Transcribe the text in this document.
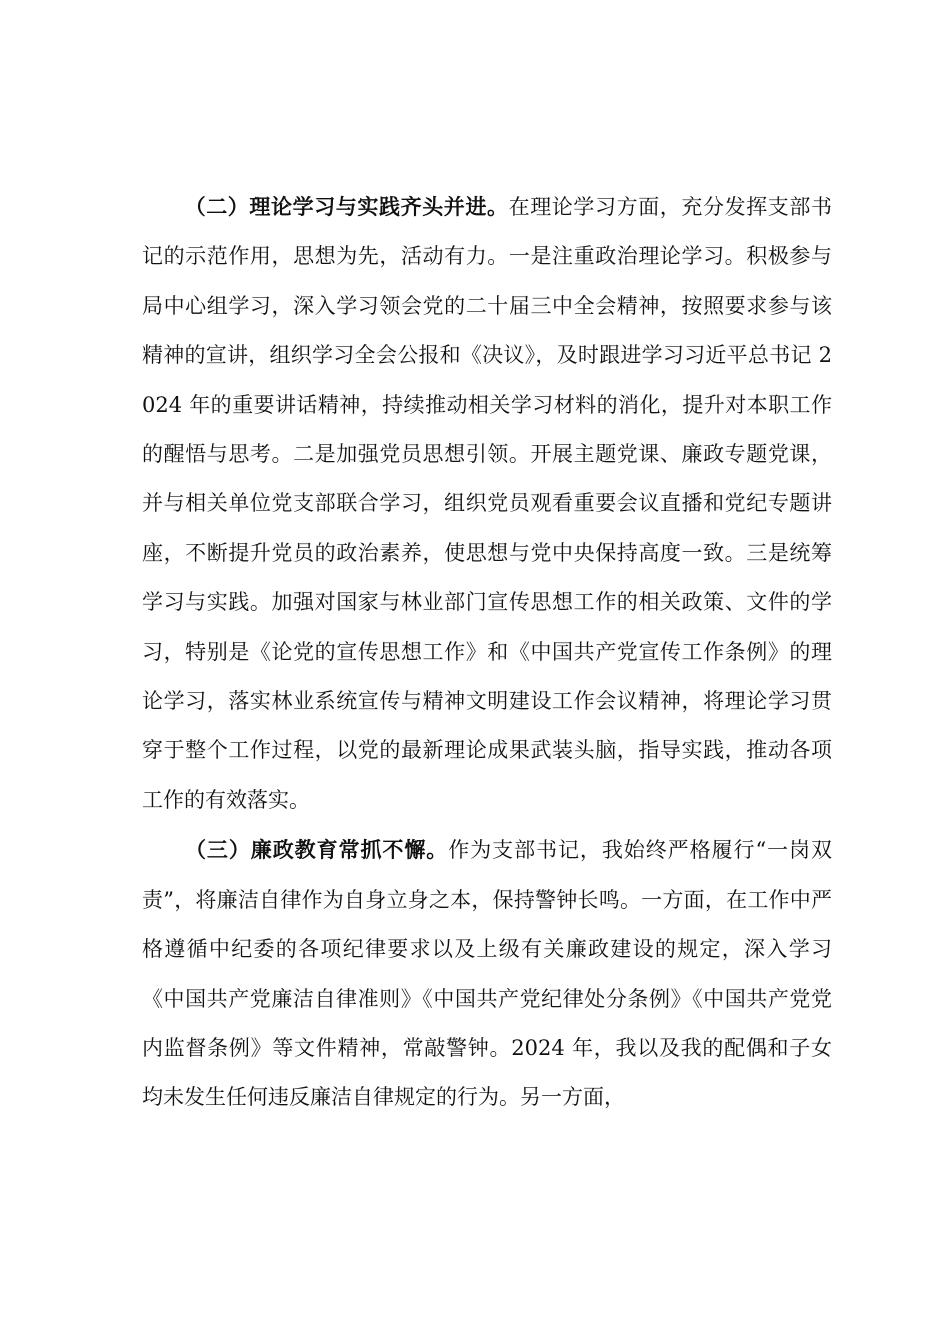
（二）理论学习与实践齐头并进。在理论学习方面，充分发挥支部书记的示范作用，思想为先，活动有力。一是注重政治理论学习。积极参与局中心组学习，深入学习领会党的二十届三中全会精神，按照要求参与该精神的宣讲，组织学习全会公报和《决议》，及时跟进学习习近平总书记 2024 年的重要讲话精神，持续推动相关学习材料的消化，提升对本职工作的醒悟与思考。二是加强党员思想引领。开展主题党课、廉政专题党课，并与相关单位党支部联合学习，组织党员观看重要会议直播和党纪专题讲座，不断提升党员的政治素养，使思想与党中央保持高度一致。三是统筹学习与实践。加强对国家与林业部门宣传思想工作的相关政策、文件的学习，特别是《论党的宣传思想工作》和《中国共产党宣传工作条例》的理论学习，落实林业系统宣传与精神文明建设工作会议精神，将理论学习贯穿于整个工作过程，以党的最新理论成果武装头脑，指导实践，推动各项工作的有效落实。

（三）廉政教育常抓不懈。作为支部书记，我始终严格履行“一岗双责”，将廉洁自律作为自身立身之本，保持警钟长鸣。一方面，在工作中严格遵循中纪委的各项纪律要求以及上级有关廉政建设的规定，深入学习《中国共产党廉洁自律准则》《中国共产党纪律处分条例》《中国共产党党内监督条例》等文件精神，常敲警钟。2024 年，我以及我的配偶和子女均未发生任何违反廉洁自律规定的行为。另一方面，
